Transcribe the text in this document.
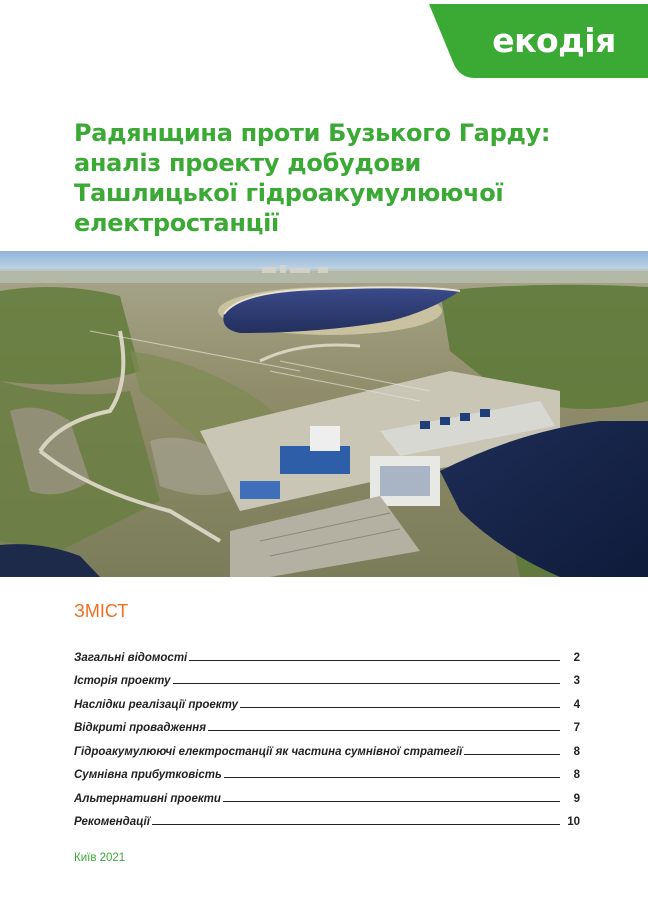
екодія
Радянщина проти Бузького Гарду:
аналіз проекту добудови
Ташлицької гідроакумулюючої
електростанції
ЗМІСТ
Загальні відомості	2
Історія проекту	3
Наслідки реалізації проекту	4
Відкриті провадження	7
Гідроакумулюючі електростанції як частина сумнівної стратегії	8
Сумнівна прибутковість	8
Альтернативні проекти	9
Рекомендації	10
Київ 2021
